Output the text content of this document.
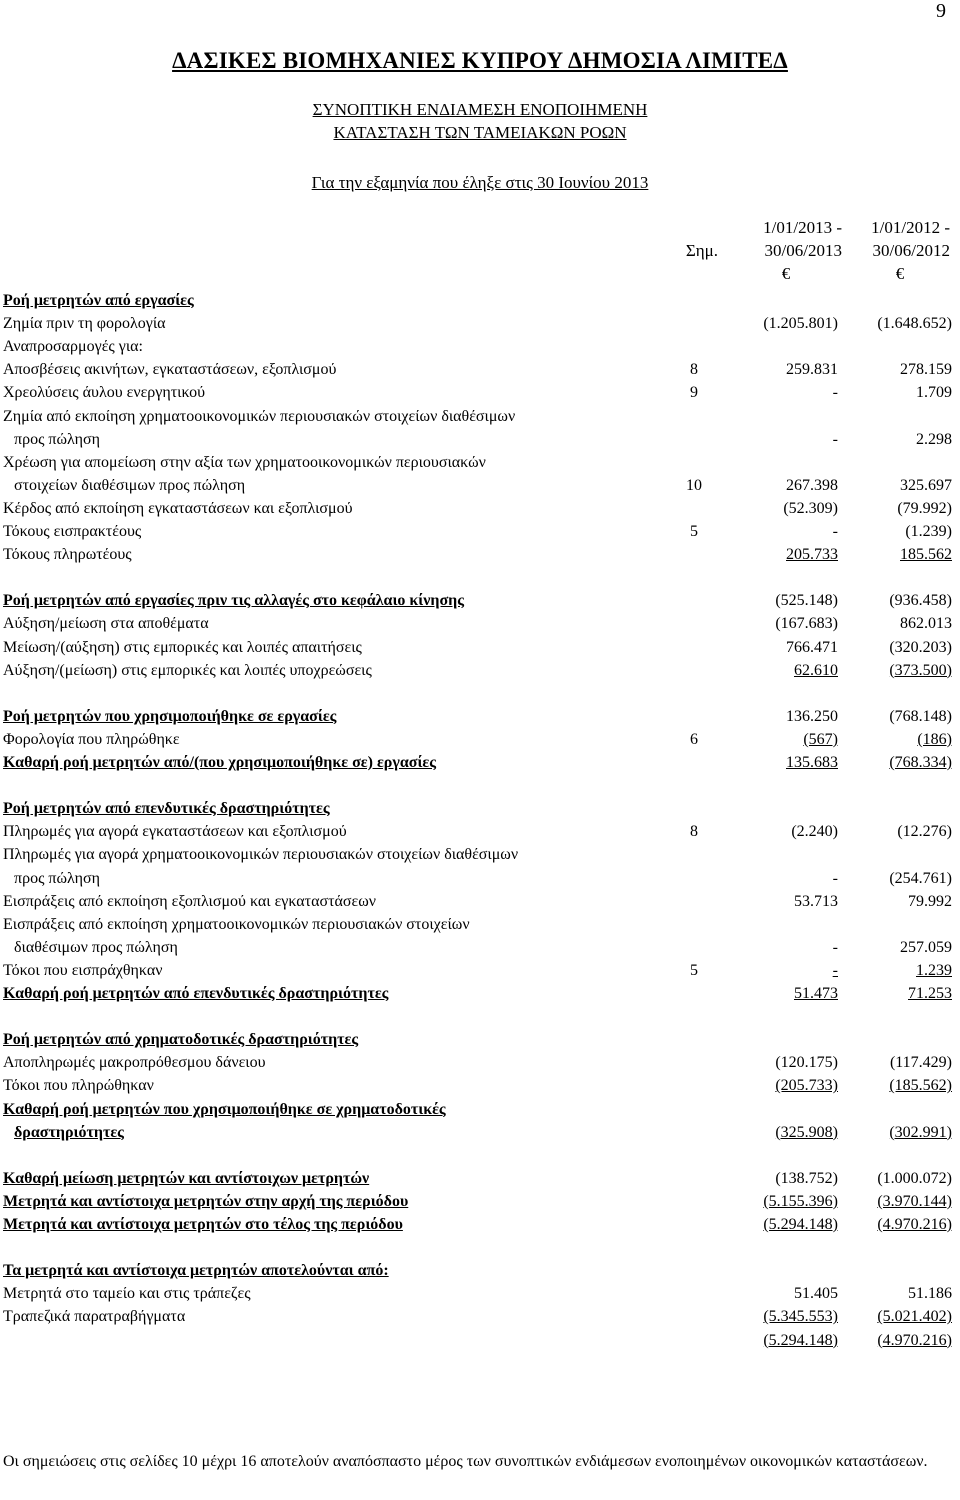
9
ΔΑΣΙΚΕΣ ΒΙΟΜΗΧΑΝΙΕΣ ΚΥΠΡΟΥ ΔΗΜΟΣΙΑ ΛΙΜΙΤΕΔ
ΣΥΝΟΠΤΙΚΗ ΕΝΔΙΑΜΕΣΗ ΕΝΟΠΟΙΗΜΕΝΗ
ΚΑΤΑΣΤΑΣΗ ΤΩΝ ΤΑΜΕΙΑΚΩΝ ΡΟΩΝ
Για την εξαμηνία που έληξε στις 30 Ιουνίου 2013
Σημ.
1/01/2013 -
30/06/2013
1/01/2012 -
30/06/2012
€	€
Ροή μετρητών από εργασίες
Ζημία πριν τη φορολογία	(1.205.801)	(1.648.652)
Αναπροσαρμογές για:
Αποσβέσεις ακινήτων, εγκαταστάσεων, εξοπλισμού	8	259.831	278.159
Χρεολύσεις άυλου ενεργητικού	9	-	1.709
Ζημία από εκποίηση χρηματοοικονομικών περιουσιακών στοιχείων διαθέσιμων
προς πώληση	-	2.298
Χρέωση για απομείωση στην αξία των χρηματοοικονομικών περιουσιακών
στοιχείων διαθέσιμων προς πώληση	10	267.398	325.697
Κέρδος από εκποίηση εγκαταστάσεων και εξοπλισμού	(52.309)	(79.992)
Τόκους εισπρακτέους	5	-	(1.239)
Τόκους πληρωτέους	205.733	185.562
Ροή μετρητών από εργασίες πριν τις αλλαγές στο κεφάλαιο κίνησης	(525.148)	(936.458)
Αύξηση/μείωση στα αποθέματα	(167.683)	862.013
Μείωση/(αύξηση) στις εμπορικές και λοιπές απαιτήσεις	766.471	(320.203)
Αύξηση/(μείωση) στις εμπορικές και λοιπές υποχρεώσεις	62.610	(373.500)
Ροή μετρητών που χρησιμοποιήθηκε σε εργασίες	136.250	(768.148)
Φορολογία που πληρώθηκε	6	(567)	(186)
Καθαρή ροή μετρητών από/(που χρησιμοποιήθηκε σε) εργασίες	135.683	(768.334)
Ροή μετρητών από επενδυτικές δραστηριότητες
Πληρωμές για αγορά εγκαταστάσεων και εξοπλισμού	8	(2.240)	(12.276)
Πληρωμές για αγορά χρηματοοικονομικών περιουσιακών στοιχείων διαθέσιμων
προς πώληση	-	(254.761)
Εισπράξεις από εκποίηση εξοπλισμού και εγκαταστάσεων	53.713	79.992
Εισπράξεις από εκποίηση χρηματοοικονομικών περιουσιακών στοιχείων
διαθέσιμων προς πώληση	-	257.059
Τόκοι που εισπράχθηκαν	5	-	1.239
Καθαρή ροή μετρητών από επενδυτικές δραστηριότητες	51.473	71.253
Ροή μετρητών από χρηματοδοτικές δραστηριότητες
Αποπληρωμές μακροπρόθεσμου δάνειου	(120.175)	(117.429)
Τόκοι που πληρώθηκαν	(205.733)	(185.562)
Καθαρή ροή μετρητών που χρησιμοποιήθηκε σε χρηματοδοτικές
δραστηριότητες	(325.908)	(302.991)
Καθαρή μείωση μετρητών και αντίστοιχων μετρητών	(138.752)	(1.000.072)
Μετρητά και αντίστοιχα μετρητών στην αρχή της περιόδου	(5.155.396)	(3.970.144)
Μετρητά και αντίστοιχα μετρητών στο τέλος της περιόδου	(5.294.148)	(4.970.216)
Τα μετρητά και αντίστοιχα μετρητών αποτελούνται από:
Μετρητά στο ταμείο και στις τράπεζες	51.405	51.186
Τραπεζικά παρατραβήγματα	(5.345.553)	(5.021.402)
(5.294.148)	(4.970.216)
Οι σημειώσεις στις σελίδες 10 μέχρι 16 αποτελούν αναπόσπαστο μέρος των συνοπτικών ενδιάμεσων ενοποιημένων οικονομικών καταστάσεων.
